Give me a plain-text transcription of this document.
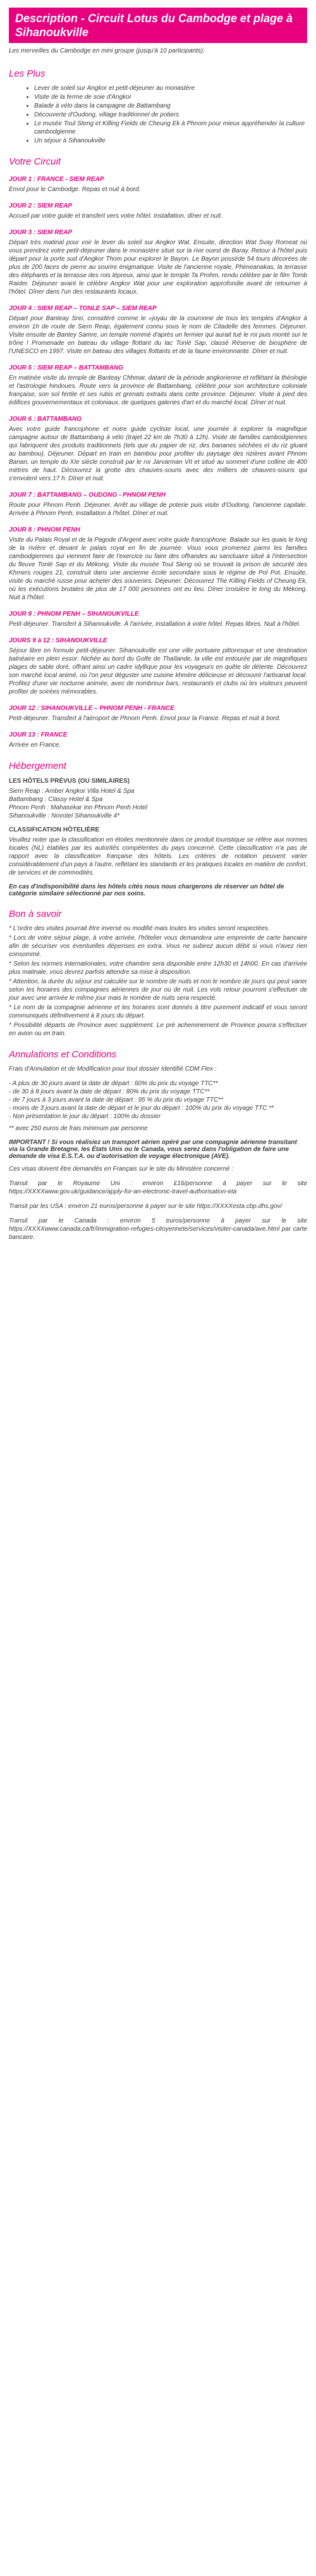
Description - Circuit Lotus du Cambodge et plage à Sihanoukville

Les merveilles du Cambodge en mini groupe (jusqu'à 10 participants).

Les Plus
• Lever de soleil sur Angkor et petit-déjeuner au monastère
• Visite de la ferme de soie d'Angkor
• Balade à vélo dans la campagne de Battambang
• Découverte d'Oudong, village traditionnel de potiers
• Le musée Toul Steng et Killing Fields de Cheung Ek à Phnom pour mieux appréhender la culture cambodgienne
• Un séjour à Sihanoukville
Votre Circuit
JOUR 1 : FRANCE - SIEM REAP

Envol pour le Cambodge. Repas et nuit à bord.

JOUR 2 : SIEM REAP

Accueil par votre guide et transfert vers votre hôtel. Installation, dîner et nuit.

JOUR 3 : SIEM REAP

Départ très matinal pour voir le lever du soleil sur Angkor Wat. Ensuite, direction Wat Svay Romeat où vous prendrez votre petit-déjeuner dans le monastère situé sur la rive ouest de Baray. Retour à l'hôtel puis départ pour la porte sud d'Angkor Thom pour explorer le Bayon. Le Bayon possède 54 tours décorées de plus de 200 faces de pierre au sourire énigmatique. Visite de l'ancienne royale, Phimeanakas, la terrasse des éléphants et la terrasse des rois lépreux, ainsi que le temple Ta Prohm, rendu célèbre par le film Tomb Raider. Déjeuner avant le célèbre Angkor Wat pour une exploration approfondie avant de retourner à l'hôtel. Dîner dans l'un des restaurants locaux.

JOUR 4 : SIEM REAP – TONLE SAP – SIEM REAP

Départ pour Banteay Srei, considéré comme le «joyau de la couronne de tous les temples d'Angkor à environ 1h de route de Siem Reap, également connu sous le nom de Citadelle des femmes. Déjeuner. Visite ensuite de Bantey Samre, un temple nommé d'après un fermier qui aurait tué le roi puis monté sur le trône ! Promenade en bateau du village flottant du lac Tonlé Sap, classé Réserve de biosphère de l'UNESCO en 1997. Visite en bateau des villages flottants et de la faune environnante. Dîner et nuit.

JOUR 5 : SIEM REAP – BATTAMBANG

En matinée visite du temple de Banteay Chhmar, datant de la période angkorienne et reflétant la théologie et l'astrologie hindoues. Route vers la province de Battambang, célèbre pour son architecture coloniale française, son sol fertile et ses rubis et grenats extraits dans cette province. Déjeuner. Visite à pied des édifices gouvernementaux et coloniaux, de quelques galeries d'art et du marché local. Dîner et nuit.

JOUR 6 : BATTAMBANG

Avec votre guide francophone et notre guide cycliste local, une journée à explorer la magnifique campagne autour de Battambang à vélo (trajet 22 km de 7h30 à 12h). Visite de familles cambodgiennes qui fabriquent des produits traditionnels (tels que du papier de riz, des bananes séchées et du riz gluant au bambou). Déjeuner. Départ en train en bambou pour profiter du paysage des rizières avant Phnom Banan, un temple du XIe siècle construit par le roi Jarvarman VII et situé au sommet d'une colline de 400 mètres de haut. Découvrez la grotte des chauves-souris avec des milliers de chauves-souris qui s'envolent vers 17 h. Dîner et nuit.

JOUR 7 : BATTAMBANG – OUDONG - PHNOM PENH

Route pour Phnom Penh. Déjeuner. Arrêt au village de poterie puis visite d'Oudong, l'ancienne capitale. Arrivée à Phnom Penh, installation à l'hôtel. Dîner et nuit.

JOUR 8 : PHNOM PENH

Visite du Palais Royal et de la Pagode d'Argent avec votre guide francophone. Balade sur les quais le long de la rivière et devant le palais royal en fin de journée. Vous vous promenez parmi les familles cambodgiennes qui viennent faire de l'exercice ou faire des offrandes au sanctuaire situé à l'intersection du fleuve Tonlé Sap et du Mékong. Visite du musée Toul Sleng où se trouvait la prison de sécurité des Khmers rouges 21, construit dans une ancienne école secondaire sous le régime de Pol Pot. Ensuite, visite du marché russe pour acheter des souvenirs. Déjeuner. Découvrez The Killing Fields of Cheung Ek, où les exécutions brutales de plus de 17 000 personnes ont eu lieu. Dîner croisière le long du Mékong. Nuit à l'hôtel.

JOUR 9 : PHNOM PENH – SIHANOUKVILLE

Petit-déjeuner. Transfert à Sihanoukville. À l'arrivée, installation à votre hôtel. Repas libres. Nuit à l'hôtel.

JOURS 9 à 12 : SIHANOUKVILLE

Séjour libre en formule petit-déjeuner. Sihanoukville est une ville portuaire pittoresque et une destination balnéaire en plein essor. Nichée au bord du Golfe de Thaïlande, la ville est entourée par de magnifiques plages de sable doré, offrant ainsi un cadre idyllique pour les voyageurs en quête de détente. Découvrez son marché local animé, où l'on peut déguster une cuisine khmère délicieuse et découvrir l'artisanat local. Profitez d'une vie nocturne animée, avec de nombreux bars, restaurants et clubs où les visiteurs peuvent profiter de soirées mémorables.

JOUR 12 : SIHANOUKVILLE – PHNOM PENH - FRANCE

Petit-déjeuner. Transfert à l'aéroport de Phnom Penh. Envol pour la France. Repas et nuit à bord.

JOUR 13 : FRANCE

Arrivée en France.

Hébergement
LES HÔTELS PRÉVUS (OU SIMILAIRES)

Siem Reap : Amber Angkor Villa Hotel & Spa
Battambang : Classy Hotel & Spa
Phnom Penh : Mahasekar Inn Phnom Penh Hotel
Sihanoukville : Novotel Sihanoukville 4*

CLASSIFICATION HÔTELIÈRE

Veuillez noter que la classification en étoiles mentionnée dans ce produit touristique se réfère aux normes locales (NL) établies par les autorités compétentes du pays concerné. Cette classification n'a pas de rapport avec la classification française des hôtels. Les critères de notation peuvent varier considérablement d'un pays à l'autre, reflétant les standards et les pratiques locales en matière de confort, de services et de commodités.

En cas d'indisponibilité dans les hôtels cités nous nous chargerons de réserver un hôtel de catégorie similaire sélectionné par nos soins.

Bon à savoir

* L'ordre des visites pourrait être inversé ou modifié mais toutes les visites seront respectées.

* Lors de votre séjour plage, à votre arrivée, l'hôtelier vous demandera une empreinte de carte bancaire afin de sécuriser vos éventuelles dépenses en extra. Vous ne subirez aucun débit si vous n'avez rien consommé.

* Selon les normes internationales, votre chambre sera disponible entre 12h30 et 14h00. En cas d'arrivée plus matinale, vous devrez parfois attendre sa mise à disposition.

* Attention, la durée du séjour est calculée sur le nombre de nuits et non le nombre de jours qui peut varier selon les horaires des compagnies aériennes de jour ou de nuit. Les vols retour pourront s'effectuer de jour avec une arrivée le même jour mais le nombre de nuits sera respecté.

* Le nom de la compagnie aérienne et les horaires sont donnés à titre purement indicatif et vous seront communiqués définitivement à 8 jours du départ.

* Possibilité départs de Province avec supplément. Le pré acheminement de Province pourra s'effectuer en avion ou en train.

Annulations et Conditions

Frais d'Annulation et de Modification pour tout dossier Identifié CDM Flex :

- A plus de 30 jours avant la date de départ : 60% du prix du voyage TTC**
- de 30 à 8 jours avant la date de départ : 80% du prix du voyage TTC**
- de 7 jours à 3 jours avant la date de départ : 95 % du prix du voyage TTC**
- moins de 3 jours avant la date de départ et le jour du départ : 100% du prix du voyage TTC **
- Non présentation le jour du départ : 100% du dossier

** avec 250 euros de frais minimum par personne

IMPORTANT ! Si vous réalisiez un transport aérien opéré par une compagnie aérienne transitant via la Grande Bretagne, les États Unis ou le Canada, vous serez dans l'obligation de faire une demande de visa E.S.T.A. ou d'autorisation de voyage électronique (AVE).

Ces visas doivent être demandés en Français sur le site du Ministère concerné :

Transit par le Royaume Uni : environ £16/personne à payer sur le site https://XXXXwww.gov.uk/guidance/apply-for-an-electronic-travel-authorisation-eta

Transit par les USA : environ 21 euros/personne à payer sur le site https://XXXXesta.cbp.dhs.gov/

Transit par le Canada : environ 5 euros/personne à payer sur le site https://XXXXwww.canada.ca/fr/immigration-refugies-citoyennete/services/visiter-canada/ave.html par carte bancaire.
